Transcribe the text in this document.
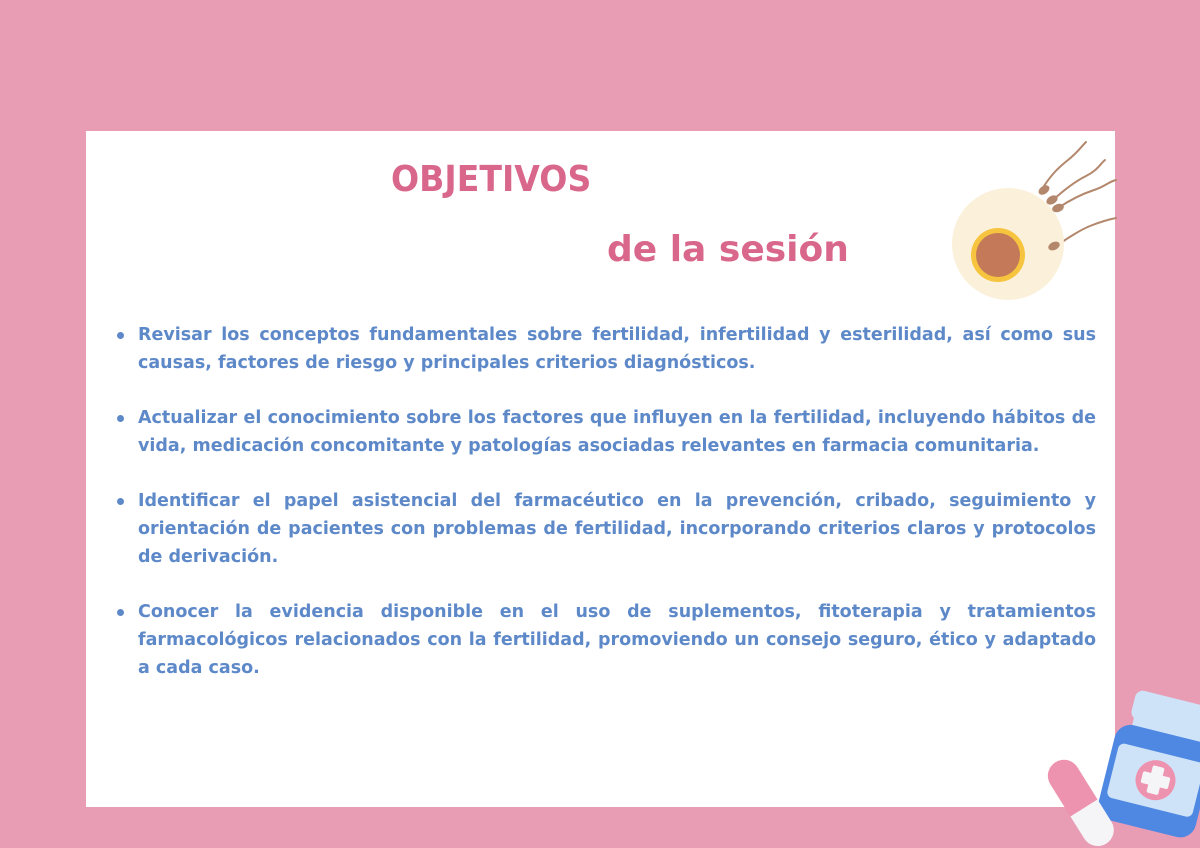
OBJETIVOS
de la sesión
Revisar los conceptos fundamentales sobre fertilidad, infertilidad y esterilidad, así como sus causas, factores de riesgo y principales criterios diagnósticos.
Actualizar el conocimiento sobre los factores que influyen en la fertilidad, incluyendo hábitos de vida, medicación concomitante y patologías asociadas relevantes en farmacia comunitaria.
Identificar el papel asistencial del farmacéutico en la prevención, cribado, seguimiento y orientación de pacientes con problemas de fertilidad, incorporando criterios claros y protocolos de derivación.
Conocer la evidencia disponible en el uso de suplementos, fitoterapia y tratamientos farmacológicos relacionados con la fertilidad, promoviendo un consejo seguro, ético y adaptado a cada caso.
